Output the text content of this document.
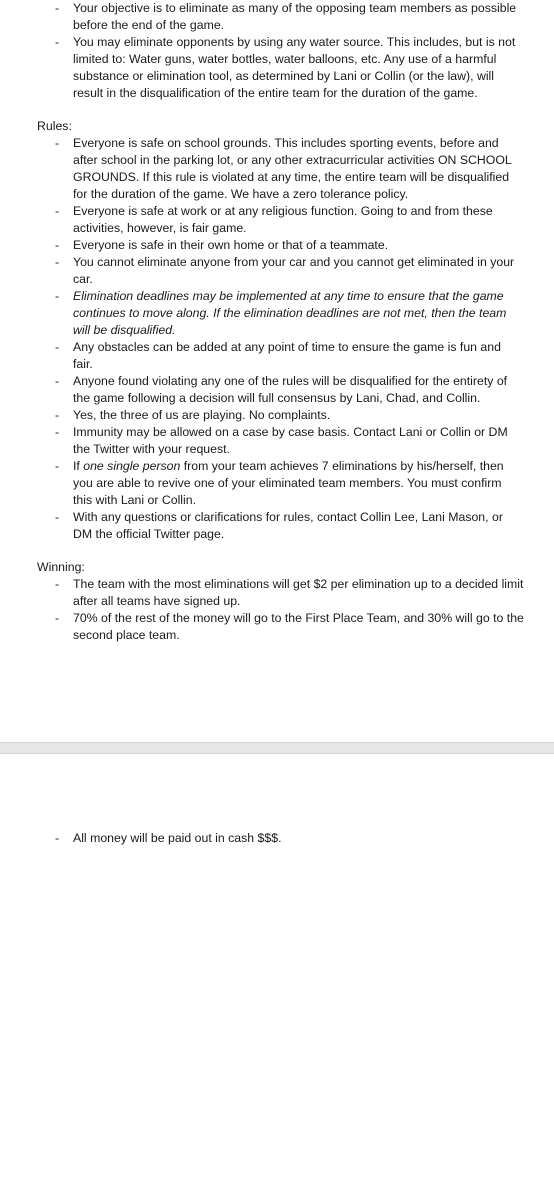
- Your objective is to eliminate as many of the opposing team members as possible before the end of the game.
- You may eliminate opponents by using any water source. This includes, but is not limited to: Water guns, water bottles, water balloons, etc. Any use of a harmful substance or elimination tool, as determined by Lani or Collin (or the law), will result in the disqualification of the entire team for the duration of the game.

Rules:

- Everyone is safe on school grounds. This includes sporting events, before and after school in the parking lot, or any other extracurricular activities ON SCHOOL GROUNDS. If this rule is violated at any time, the entire team will be disqualified for the duration of the game. We have a zero tolerance policy.
- Everyone is safe at work or at any religious function. Going to and from these activities, however, is fair game.
- Everyone is safe in their own home or that of a teammate.
- You cannot eliminate anyone from your car and you cannot get eliminated in your car.
- Elimination deadlines may be implemented at any time to ensure that the game continues to move along. If the elimination deadlines are not met, then the team will be disqualified.
- Any obstacles can be added at any point of time to ensure the game is fun and fair.
- Anyone found violating any one of the rules will be disqualified for the entirety of the game following a decision will full consensus by Lani, Chad, and Collin.
- Yes, the three of us are playing. No complaints.
- Immunity may be allowed on a case by case basis. Contact Lani or Collin or DM the Twitter with your request.
- If one single person from your team achieves 7 eliminations by his/herself, then you are able to revive one of your eliminated team members. You must confirm this with Lani or Collin.
- With any questions or clarifications for rules, contact Collin Lee, Lani Mason, or DM the official Twitter page.

Winning:

- The team with the most eliminations will get $2 per elimination up to a decided limit after all teams have signed up.
- 70% of the rest of the money will go to the First Place Team, and 30% will go to the second place team.
- All money will be paid out in cash $$$.
